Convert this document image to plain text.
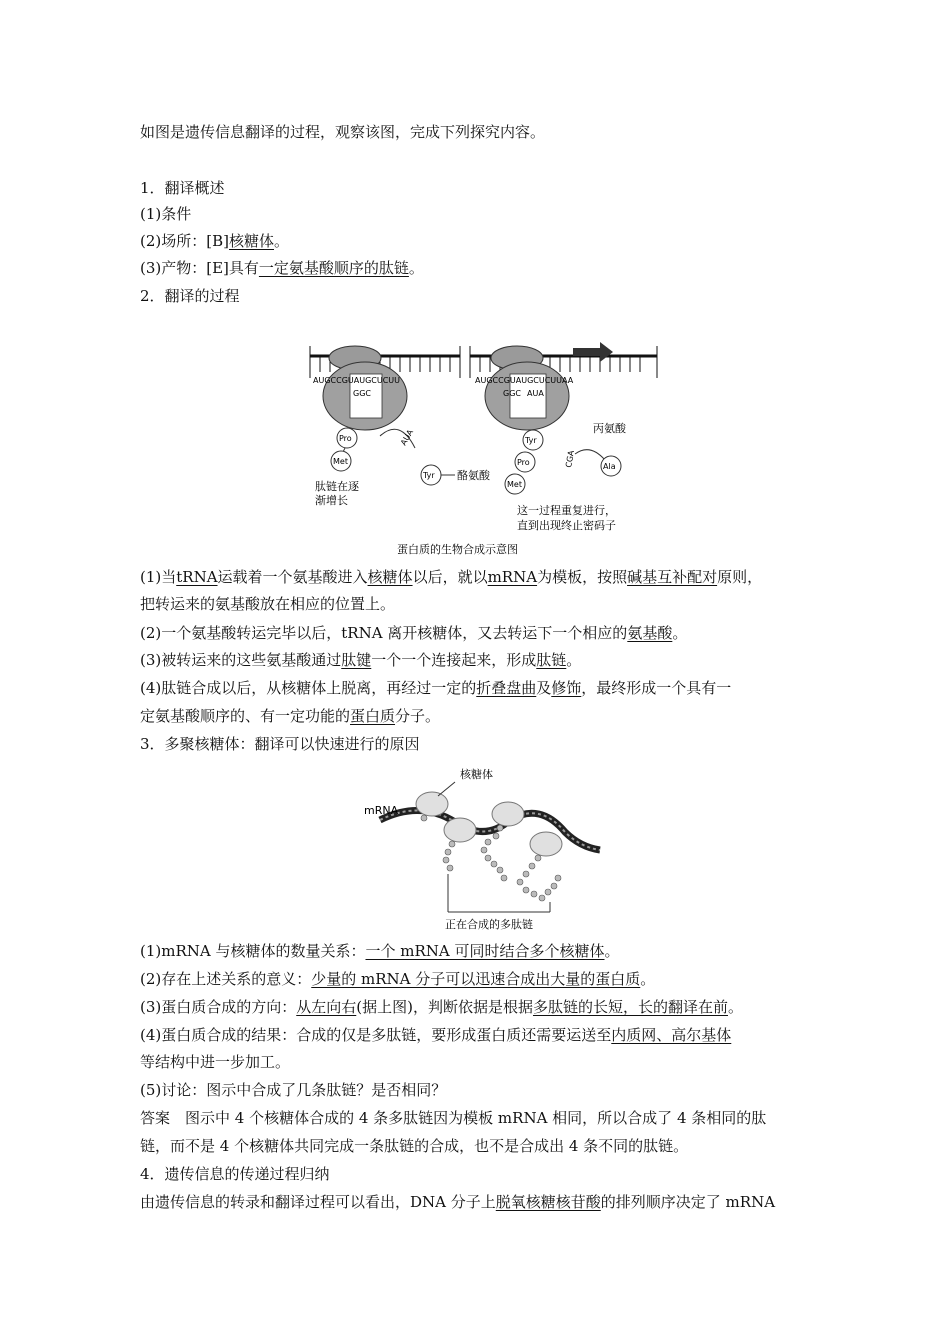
如图是遗传信息翻译的过程，观察该图，完成下列探究内容。
1．翻译概述
(1)条件
(2)场所：[B]核糖体。
(3)产物：[E]具有一定氨基酸顺序的肽链。
2．翻译的过程
AUGCCGUAUGCUCUU
GGC
Pro
Met
AUA
Tyr 酪氨酸
肽链在逐
渐增长
AUGCCGUAUGCUCUUAA
GGC AUA
Tyr
Pro
Met
CGA	Ala
丙氨酸
这一过程重复进行，
直到出现终止密码子
蛋白质的生物合成示意图
(1)当tRNA运载着一个氨基酸进入核糖体以后，就以mRNA为模板，按照碱基互补配对原则，
把转运来的氨基酸放在相应的位置上。
(2)一个氨基酸转运完毕以后，tRNA 离开核糖体，又去转运下一个相应的氨基酸。
(3)被转运来的这些氨基酸通过肽键一个一个连接起来，形成肽链。
(4)肽链合成以后，从核糖体上脱离，再经过一定的折叠盘曲及修饰，最终形成一个具有一
定氨基酸顺序的、有一定功能的蛋白质分子。
3．多聚核糖体：翻译可以快速进行的原因
核糖体
mRNA
正在合成的多肽链
(1)mRNA 与核糖体的数量关系：一个 mRNA 可同时结合多个核糖体。
(2)存在上述关系的意义：少量的 mRNA 分子可以迅速合成出大量的蛋白质。
(3)蛋白质合成的方向：从左向右(据上图)，判断依据是根据多肽链的长短，长的翻译在前。
(4)蛋白质合成的结果：合成的仅是多肽链，要形成蛋白质还需要运送至内质网、高尔基体
等结构中进一步加工。
(5)讨论：图示中合成了几条肽链？是否相同？
答案　图示中 4 个核糖体合成的 4 条多肽链因为模板 mRNA 相同，所以合成了 4 条相同的肽
链，而不是 4 个核糖体共同完成一条肽链的合成，也不是合成出 4 条不同的肽链。
4．遗传信息的传递过程归纳
由遗传信息的转录和翻译过程可以看出，DNA 分子上脱氧核糖核苷酸的排列顺序决定了 mRNA
